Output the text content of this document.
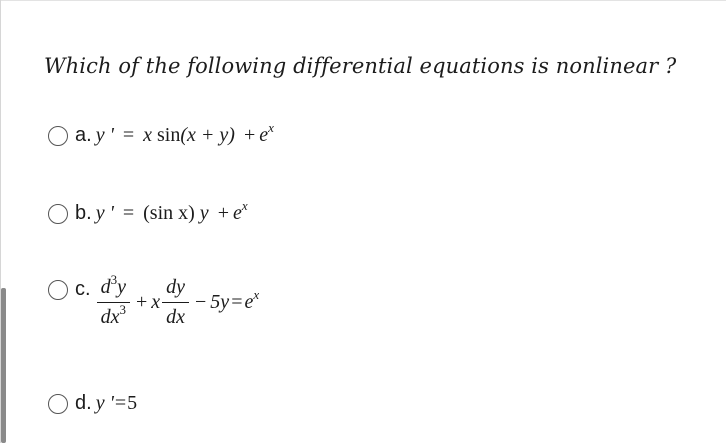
Which of the following differential equations is nonlinear ?
a. y ' = x $\sin(x + y) + e^x$
b. y ' = (sin x) $y + e^x$
c. $\frac{d^3y}{dx^3} + x \frac{dy}{dx} - 5y = e^x$
d. y '=5
